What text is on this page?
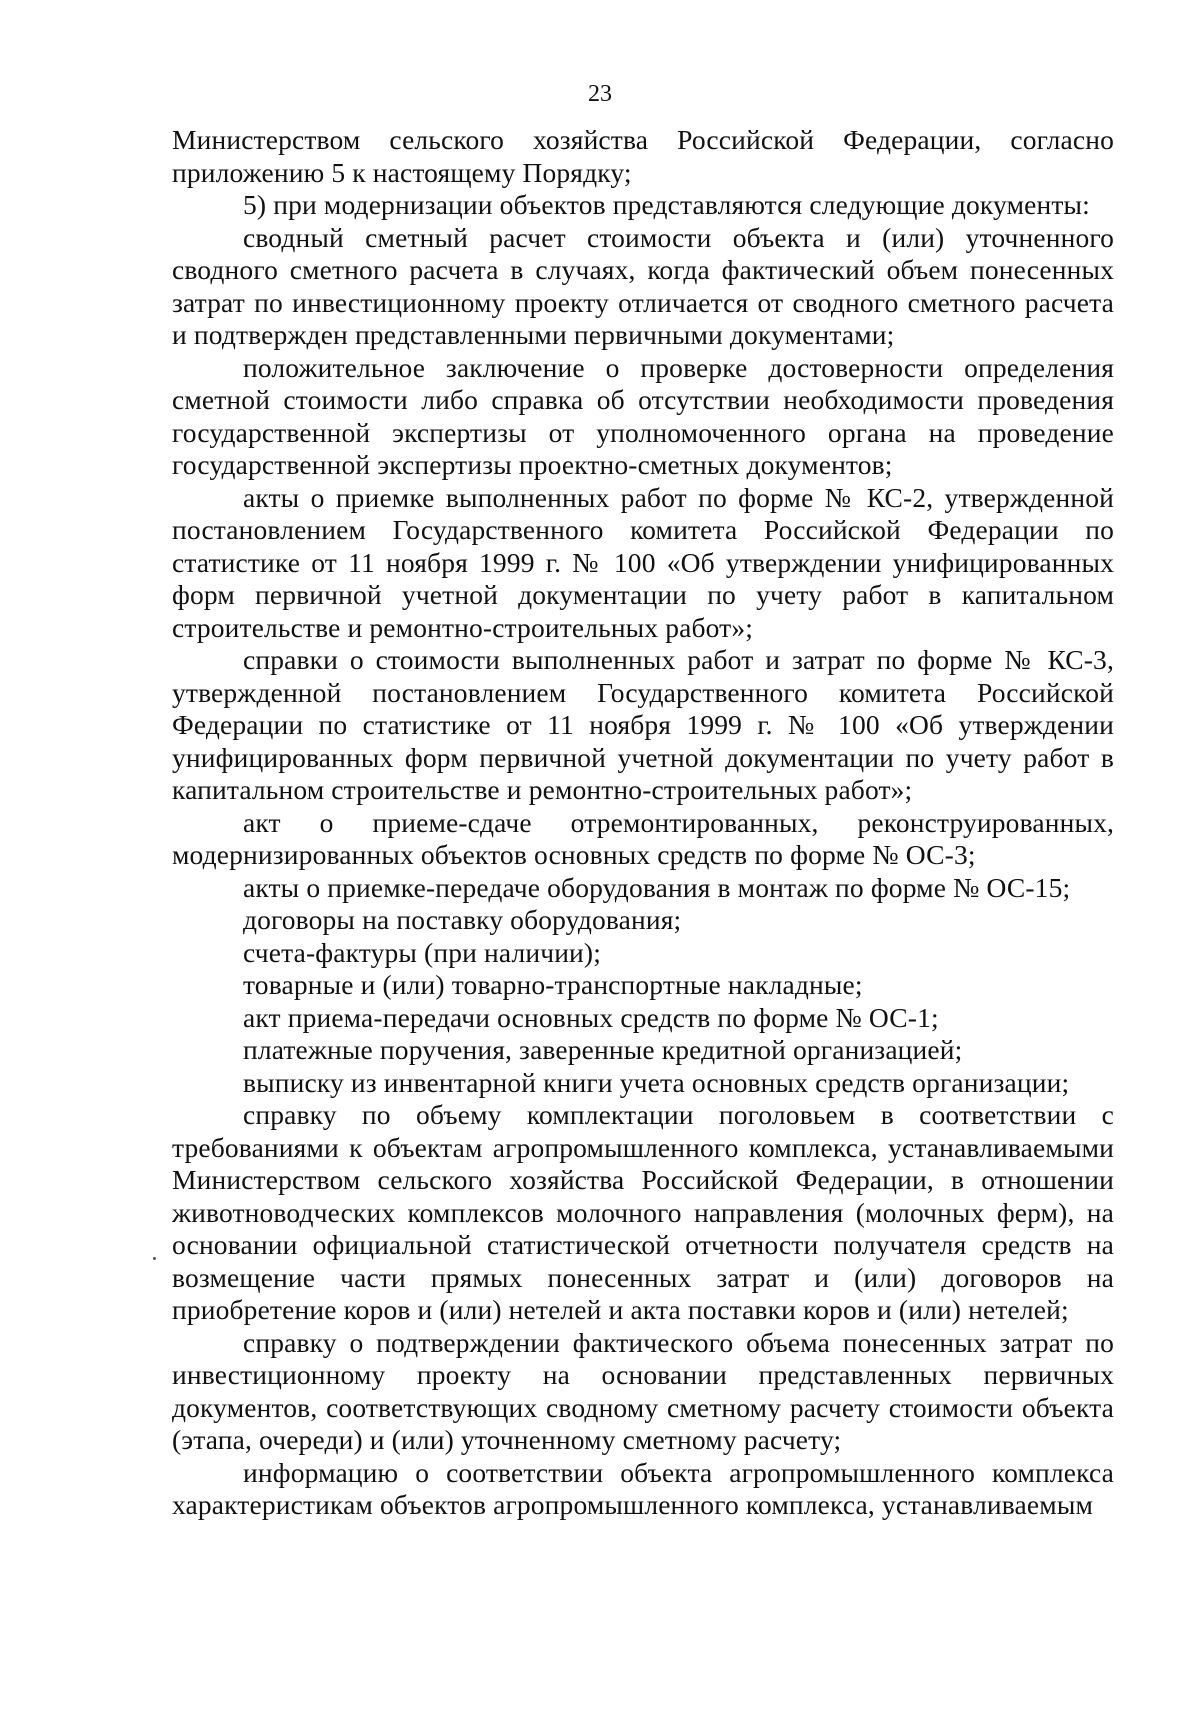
23

Министерством сельского хозяйства Российской Федерации, согласно приложению 5 к настоящему Порядку;

5) при модернизации объектов представляются следующие документы:

сводный сметный расчет стоимости объекта и (или) уточненного сводного сметного расчета в случаях, когда фактический объем понесенных затрат по инвестиционному проекту отличается от сводного сметного расчета и подтвержден представленными первичными документами;

положительное заключение о проверке достоверности определения сметной стоимости либо справка об отсутствии необходимости проведения государственной экспертизы от уполномоченного органа на проведение государственной экспертизы проектно-сметных документов;

акты о приемке выполненных работ по форме № КС-2, утвержденной постановлением Государственного комитета Российской Федерации по статистике от 11 ноября 1999 г. № 100 «Об утверждении унифицированных форм первичной учетной документации по учету работ в капитальном строительстве и ремонтно-строительных работ»;

справки о стоимости выполненных работ и затрат по форме № КС-3, утвержденной постановлением Государственного комитета Российской Федерации по статистике от 11 ноября 1999 г. № 100 «Об утверждении унифицированных форм первичной учетной документации по учету работ в капитальном строительстве и ремонтно-строительных работ»;

акт о приеме-сдаче отремонтированных, реконструированных, модернизированных объектов основных средств по форме № ОС-3;

акты о приемке-передаче оборудования в монтаж по форме № ОС-15;

договоры на поставку оборудования;

счета-фактуры (при наличии);

товарные и (или) товарно-транспортные накладные;

акт приема-передачи основных средств по форме № ОС-1;

платежные поручения, заверенные кредитной организацией;

выписку из инвентарной книги учета основных средств организации;

справку по объему комплектации поголовьем в соответствии с требованиями к объектам агропромышленного комплекса, устанавливаемыми Министерством сельского хозяйства Российской Федерации, в отношении животноводческих комплексов молочного направления (молочных ферм), на основании официальной статистической отчетности получателя средств на возмещение части прямых понесенных затрат и (или) договоров на приобретение коров и (или) нетелей и акта поставки коров и (или) нетелей;

справку о подтверждении фактического объема понесенных затрат по инвестиционному проекту на основании представленных первичных документов, соответствующих сводному сметному расчету стоимости объекта (этапа, очереди) и (или) уточненному сметному расчету;

информацию о соответствии объекта агропромышленного комплекса характеристикам объектов агропромышленного комплекса, устанавливаемым
